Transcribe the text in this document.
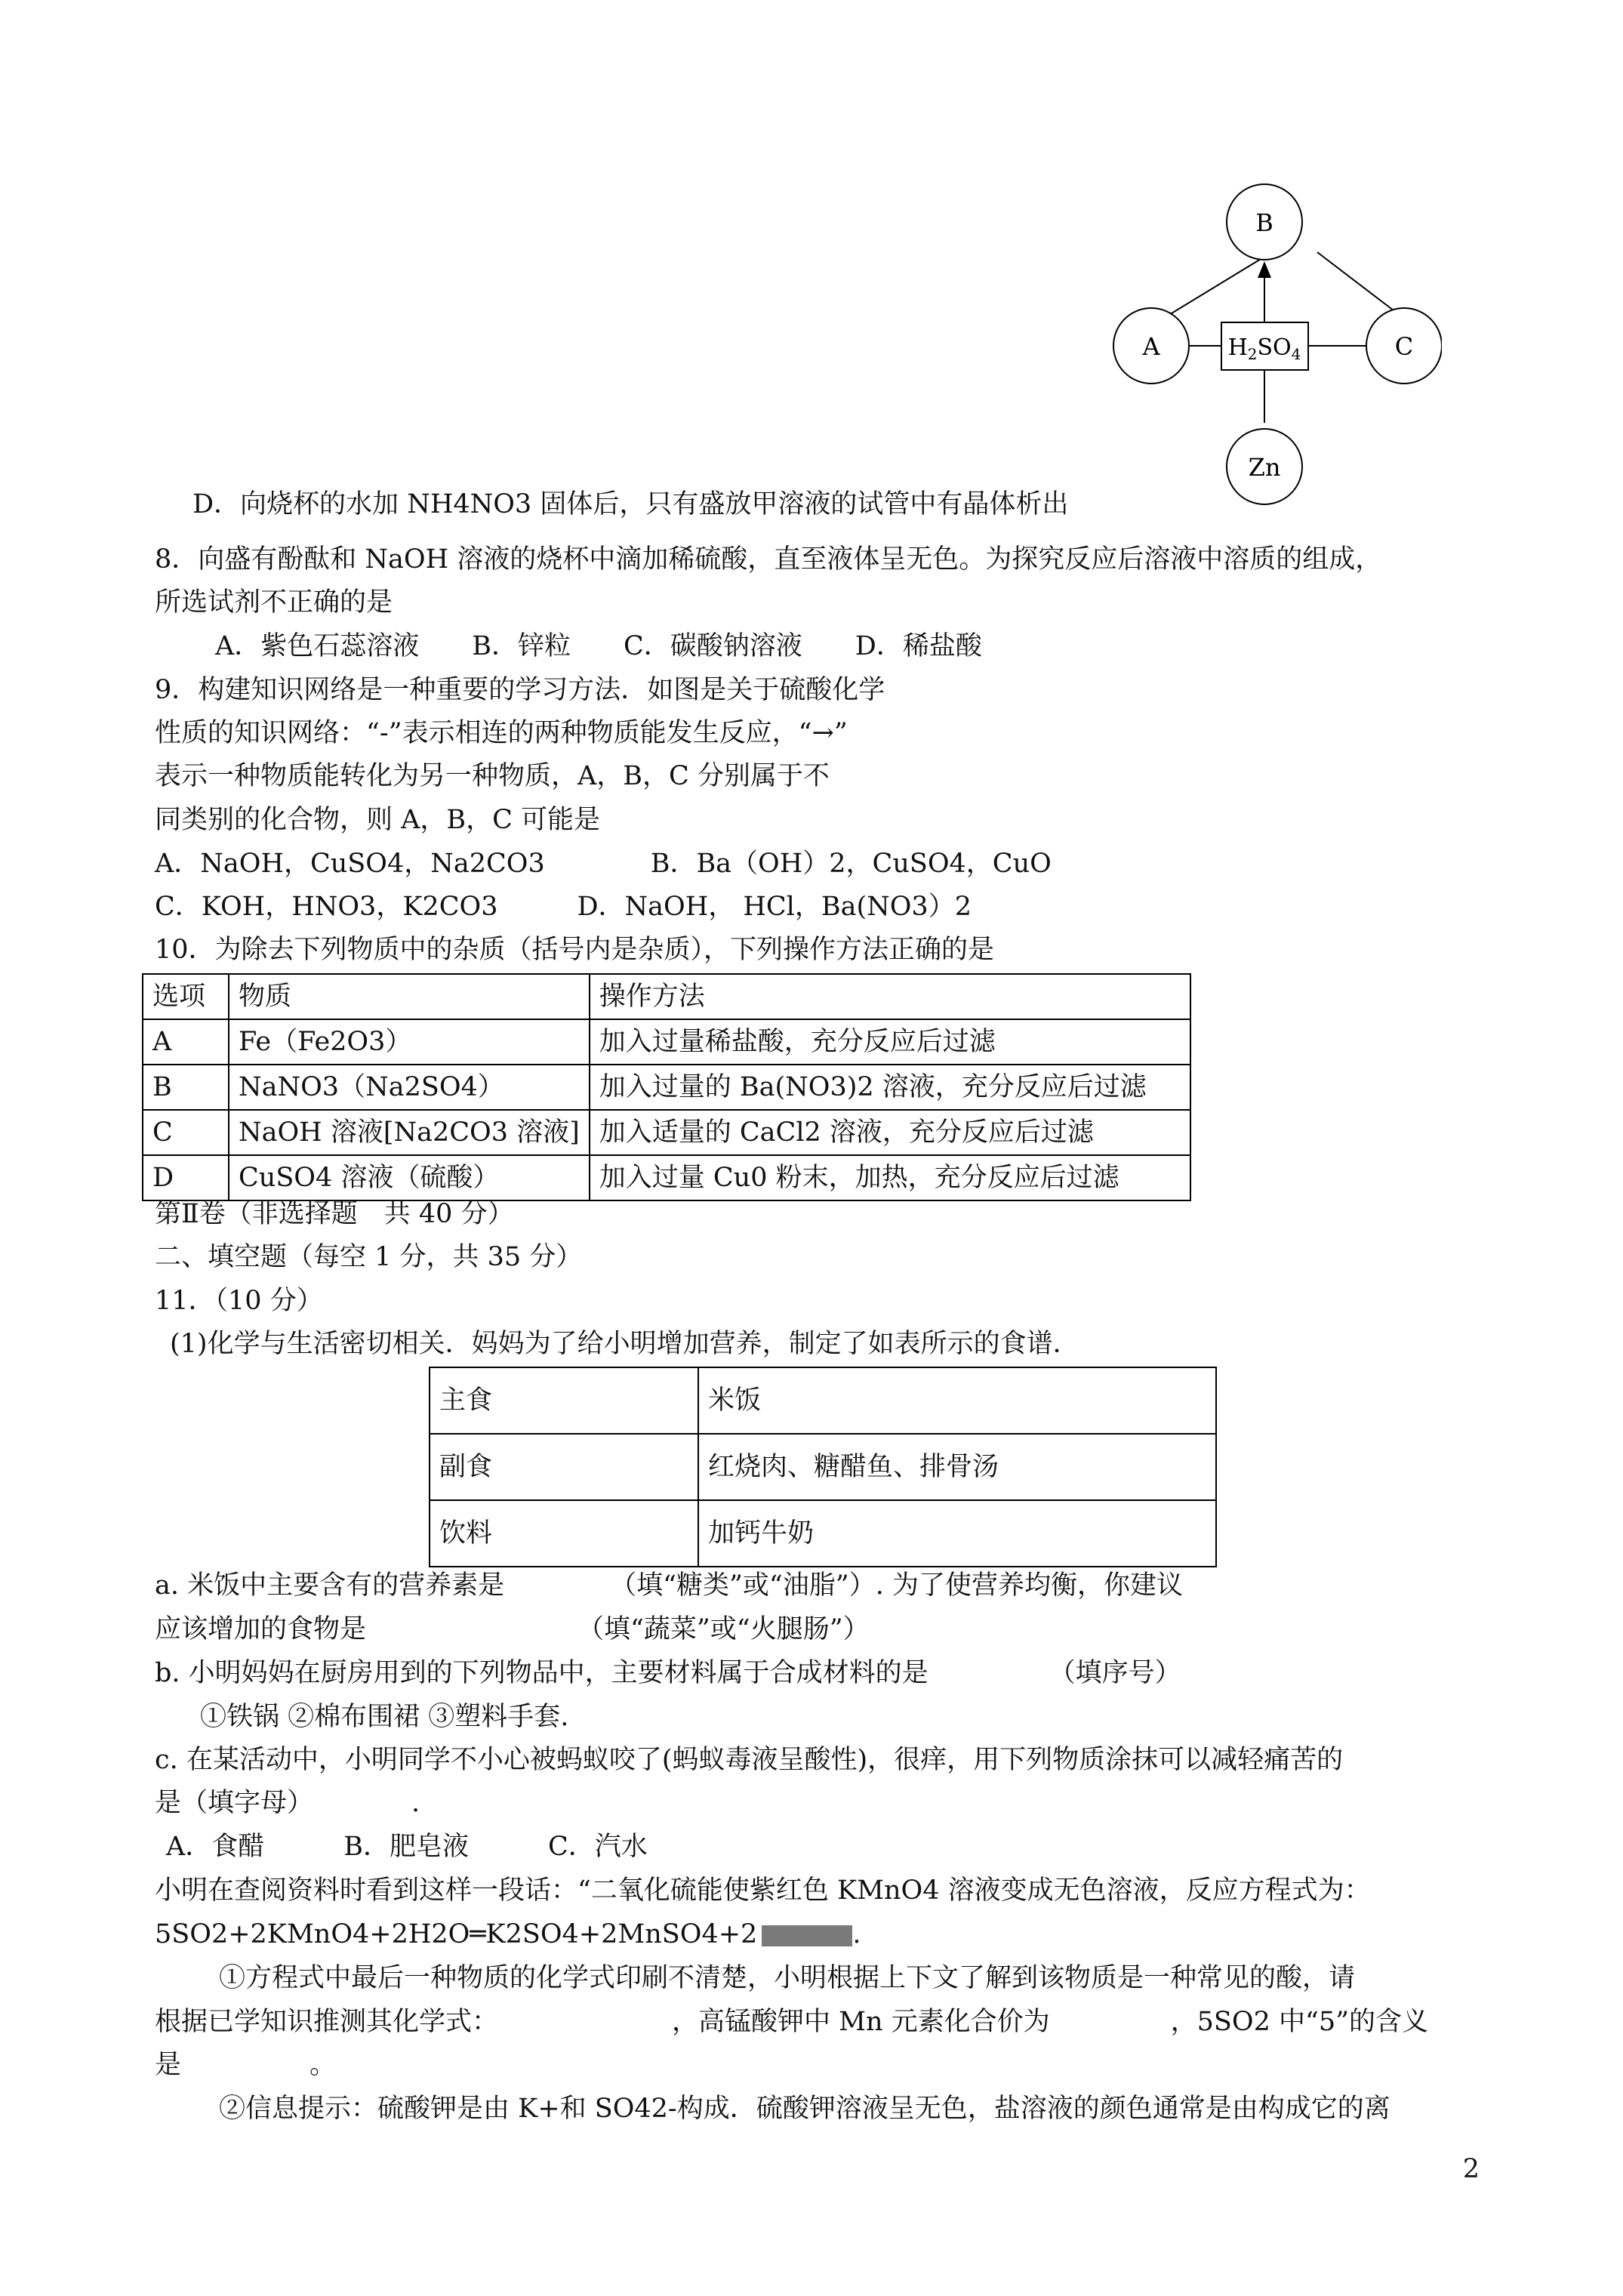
B
A	C
Zn
$H_2SO_4$
D．向烧杯的水加 NH4NO3 固体后，只有盛放甲溶液的试管中有晶体析出
8．向盛有酚酞和 NaOH 溶液的烧杯中滴加稀硫酸，直至液体呈无色。为探究反应后溶液中溶质的组成，
所选试剂不正确的是
A．紫色石蕊溶液　　B．锌粒　　C．碳酸钠溶液　　D．稀盐酸
9．构建知识网络是一种重要的学习方法．如图是关于硫酸化学
性质的知识网络：“-”表示相连的两种物质能发生反应，“→”
表示一种物质能转化为另一种物质，A，B，C 分别属于不
同类别的化合物，则 A，B，C 可能是
A．NaOH，CuSO4，Na2CO3　　　　B．Ba（OH）2，CuSO4，CuO
C．KOH，HNO3，K2CO3　　　D．NaOH， HCl，Ba(NO3）2
10．为除去下列物质中的杂质（括号内是杂质），下列操作方法正确的是
选项	物质	操作方法
A	Fe（Fe2O3）	加入过量稀盐酸，充分反应后过滤
B	NaNO3（Na2SO4）	加入过量的 Ba(NO3)2 溶液，充分反应后过滤
C	NaOH 溶液[Na2CO3 溶液]	加入适量的 CaCl2 溶液，充分反应后过滤
D	CuSO4 溶液（硫酸）	加入过量 Cu0 粉末，加热，充分反应后过滤
第Ⅱ卷（非选择题　共 40 分）
二、填空题（每空 1 分，共 35 分）
11．（10 分）
(1)化学与生活密切相关．妈妈为了给小明增加营养，制定了如表所示的食谱．
主食	米饭
副食	红烧肉、糖醋鱼、排骨汤
饮料	加钙牛奶
a. 米饭中主要含有的营养素是	（填“糖类”或“油脂”）. 为了使营养均衡，你建议
应该增加的食物是	（填“蔬菜”或“火腿肠”）
b. 小明妈妈在厨房用到的下列物品中，主要材料属于合成材料的是	（填序号）
①铁锅 ②棉布围裙 ③塑料手套.
c. 在某活动中，小明同学不小心被蚂蚁咬了(蚂蚁毒液呈酸性)，很痒，用下列物质涂抹可以减轻痛苦的
是（填字母）	.
A．食醋　　　B．肥皂液　　　C．汽水
小明在查阅资料时看到这样一段话：“二氧化硫能使紫红色 KMnO4 溶液变成无色溶液，反应方程式为：
5SO2+2KMnO4+2H2O═K2SO4+2MnSO4+2	.
①方程式中最后一种物质的化学式印刷不清楚，小明根据上下文了解到该物质是一种常见的酸，请
根据已学知识推测其化学式：	，高锰酸钾中 Mn 元素化合价为	，5SO2 中“5”的含义
是	。
②信息提示：硫酸钾是由 K+和 SO42-构成．硫酸钾溶液呈无色，盐溶液的颜色通常是由构成它的离
2
